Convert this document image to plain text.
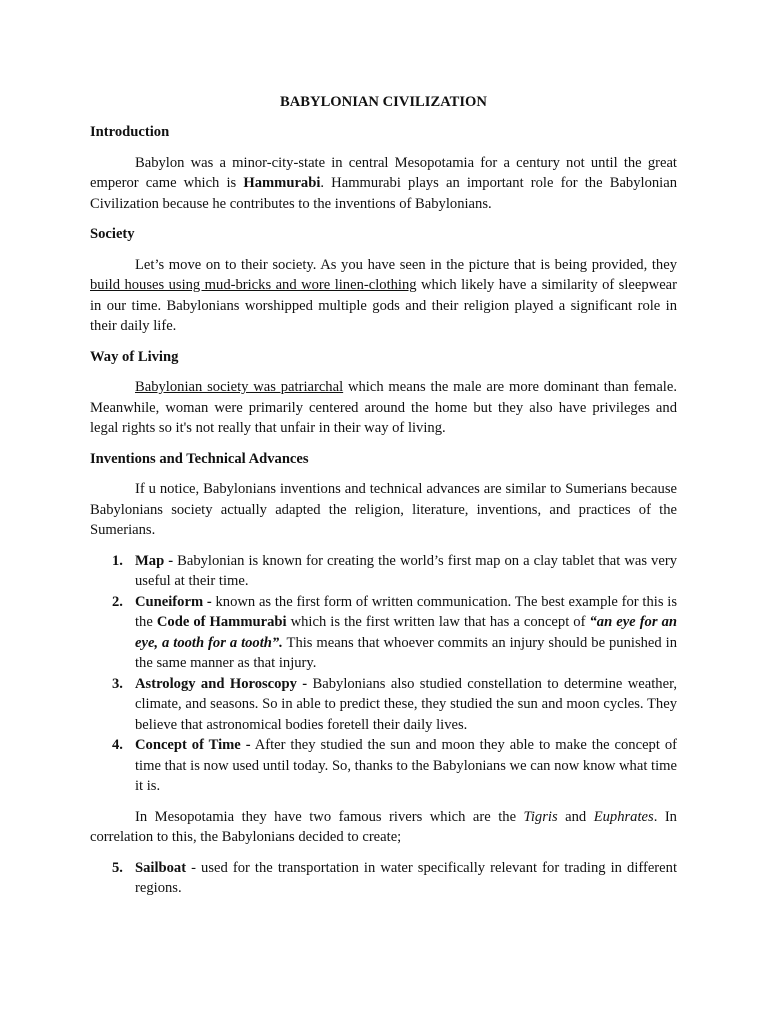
BABYLONIAN CIVILIZATION
Introduction

Babylon was a minor-city-state in central Mesopotamia for a century not until the great emperor came which is Hammurabi. Hammurabi plays an important role for the Babylonian Civilization because he contributes to the inventions of Babylonians.

Society

Let’s move on to their society. As you have seen in the picture that is being provided, they build houses using mud-bricks and wore linen-clothing which likely have a similarity of sleepwear in our time. Babylonians worshipped multiple gods and their religion played a significant role in their daily life.

Way of Living

Babylonian society was patriarchal which means the male are more dominant than female. Meanwhile, woman were primarily centered around the home but they also have privileges and legal rights so it's not really that unfair in their way of living.

Inventions and Technical Advances

If u notice, Babylonians inventions and technical advances are similar to Sumerians because Babylonians society actually adapted the religion, literature, inventions, and practices of the Sumerians.

1. Map - Babylonian is known for creating the world’s first map on a clay tablet that was very useful at their time.
2. Cuneiform - known as the first form of written communication. The best example for this is the Code of Hammurabi which is the first written law that has a concept of “an eye for an eye, a tooth for a tooth”. This means that whoever commits an injury should be punished in the same manner as that injury.
3. Astrology and Horoscopy - Babylonians also studied constellation to determine weather, climate, and seasons. So in able to predict these, they studied the sun and moon cycles. They believe that astronomical bodies foretell their daily lives.
4. Concept of Time - After they studied the sun and moon they able to make the concept of time that is now used until today. So, thanks to the Babylonians we can now know what time it is.

In Mesopotamia they have two famous rivers which are the Tigris and Euphrates. In correlation to this, the Babylonians decided to create;

5. Sailboat - used for the transportation in water specifically relevant for trading in different regions.
